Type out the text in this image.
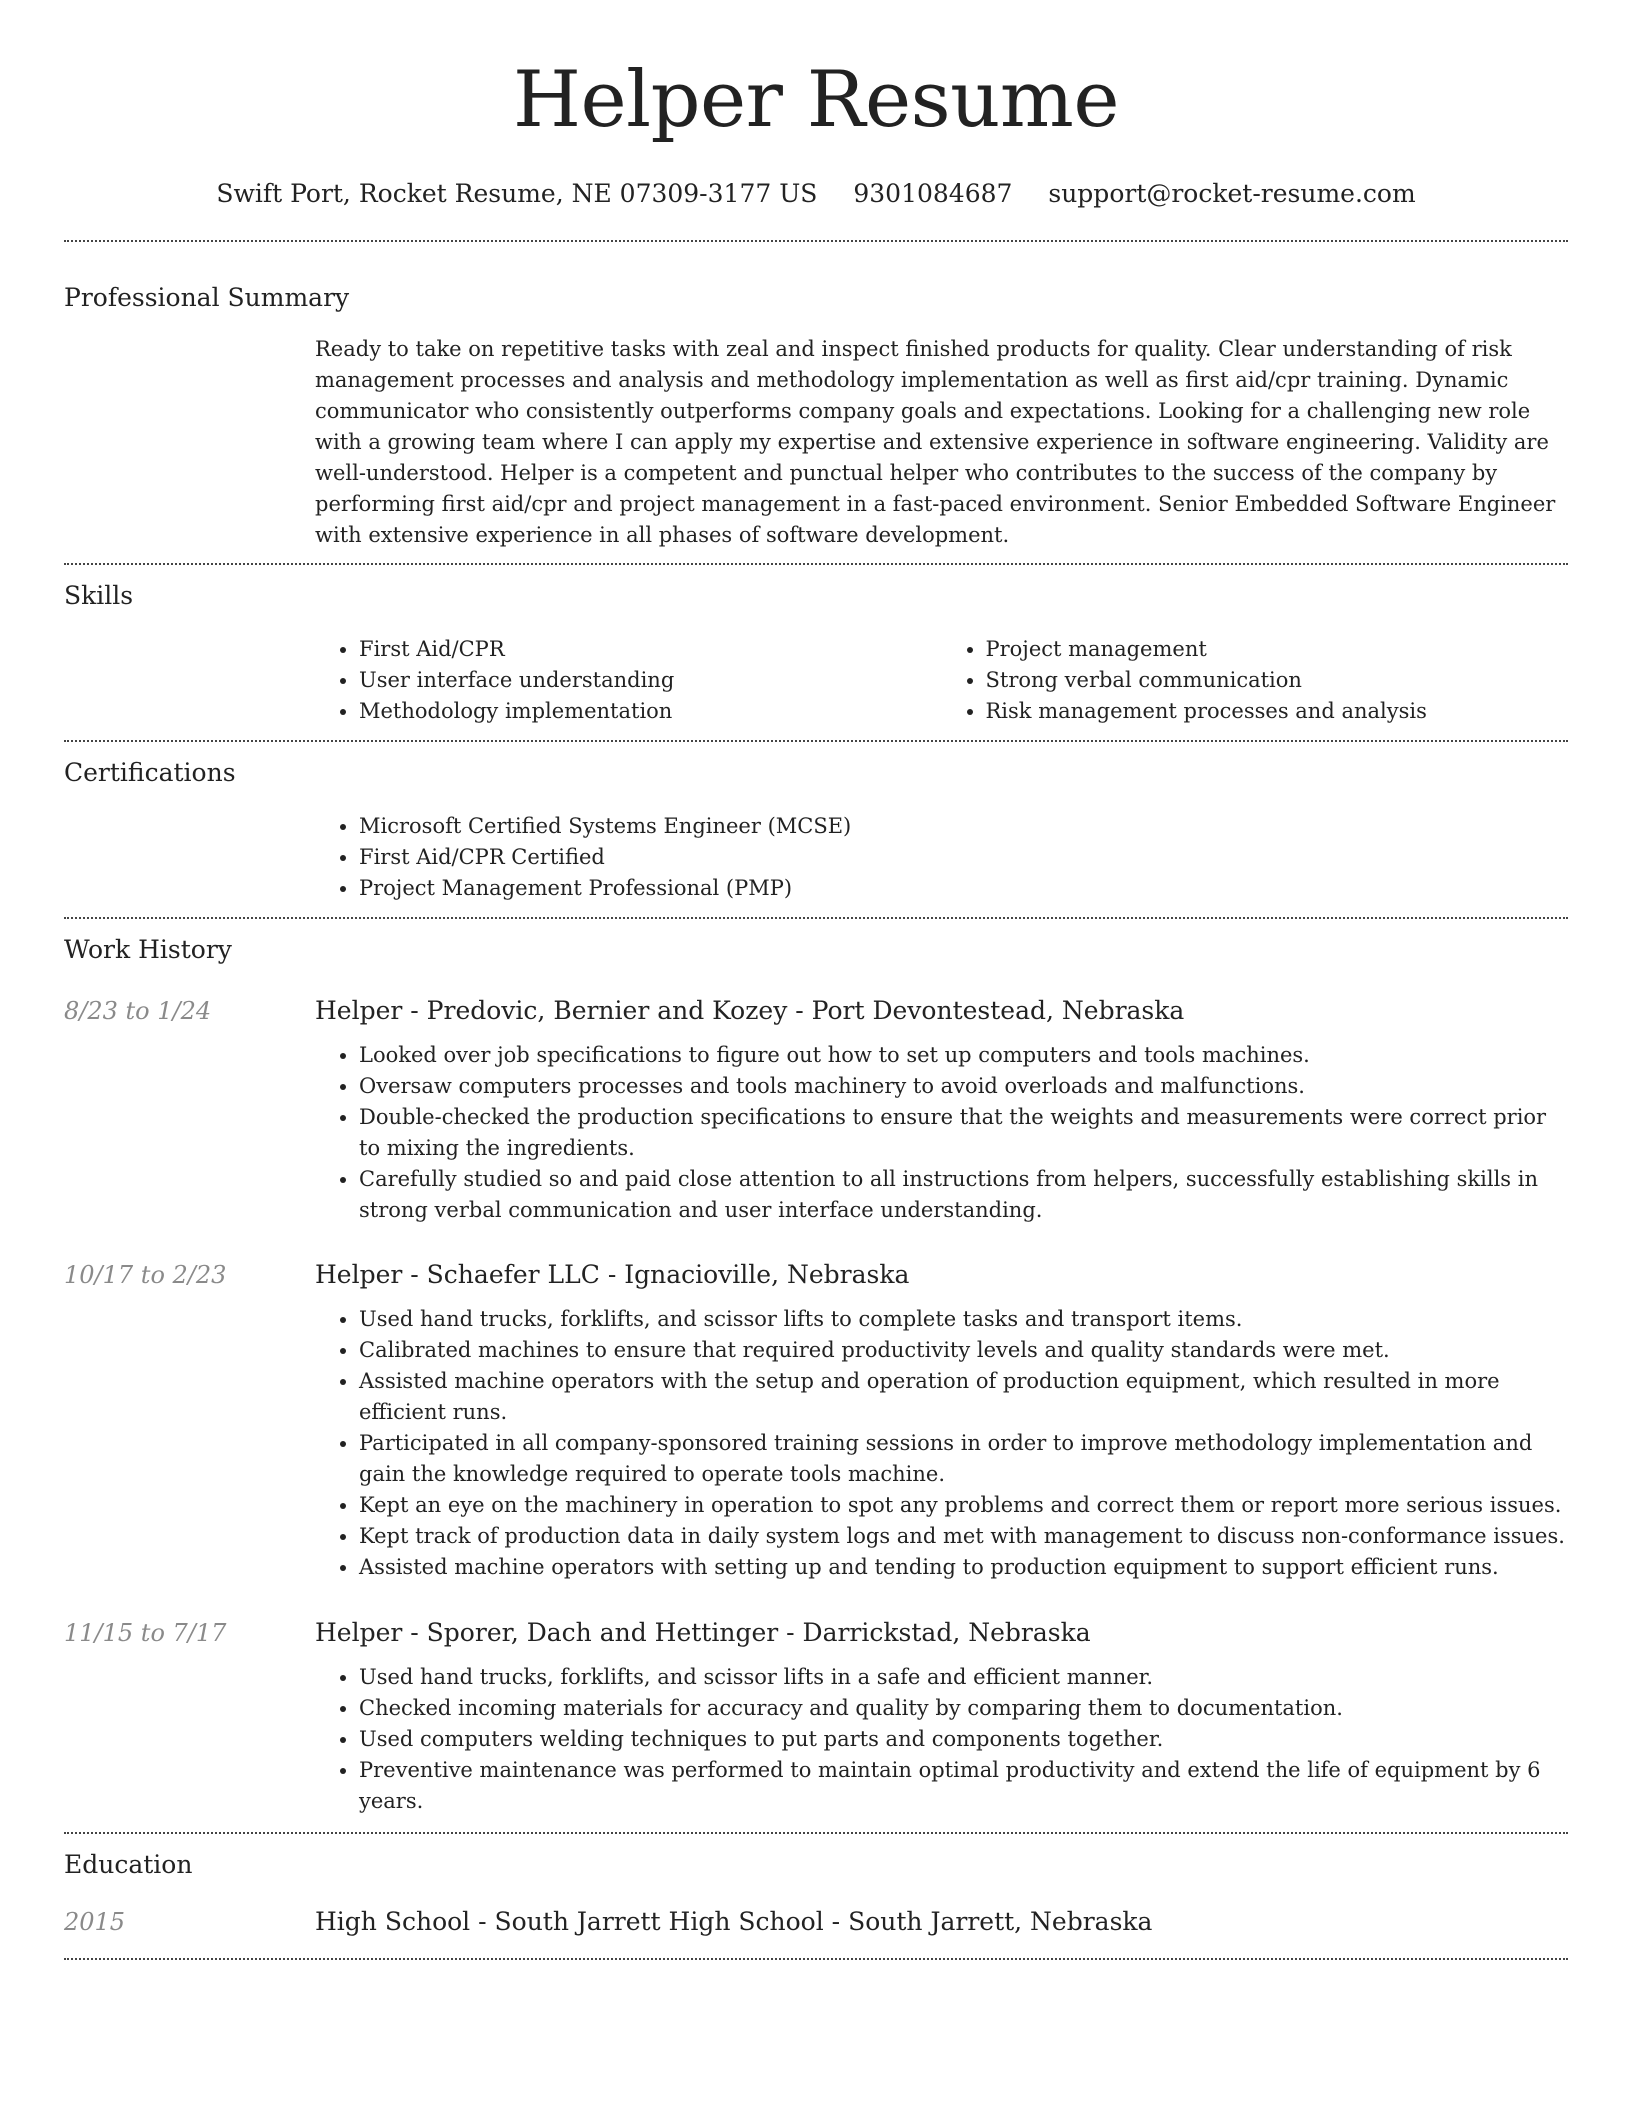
Helper Resume
Swift Port, Rocket Resume, NE 07309-3177 US 9301084687 support@rocket-resume.com
Professional Summary

Ready to take on repetitive tasks with zeal and inspect finished products for quality. Clear understanding of risk management processes and analysis and methodology implementation as well as first aid/cpr training. Dynamic communicator who consistently outperforms company goals and expectations. Looking for a challenging new role with a growing team where I can apply my expertise and extensive experience in software engineering. Validity are well-understood. Helper is a competent and punctual helper who contributes to the success of the company by performing first aid/cpr and project management in a fast-paced environment. Senior Embedded Software Engineer with extensive experience in all phases of software development.

Skills
• First Aid/CPR
• User interface understanding
• Methodology implementation
• Project management
• Strong verbal communication
• Risk management processes and analysis
Certifications
• Microsoft Certified Systems Engineer (MCSE)
• First Aid/CPR Certified
• Project Management Professional (PMP)
Work History
8/23 to 1/24	Helper - Predovic, Bernier and Kozey - Port Devontestead, Nebraska
• Looked over job specifications to figure out how to set up computers and tools machines.
• Oversaw computers processes and tools machinery to avoid overloads and malfunctions.
• Double-checked the production specifications to ensure that the weights and measurements were correct prior to mixing the ingredients.
• Carefully studied so and paid close attention to all instructions from helpers, successfully establishing skills in strong verbal communication and user interface understanding.
10/17 to 2/23	Helper - Schaefer LLC - Ignacioville, Nebraska
• Used hand trucks, forklifts, and scissor lifts to complete tasks and transport items.
• Calibrated machines to ensure that required productivity levels and quality standards were met.
• Assisted machine operators with the setup and operation of production equipment, which resulted in more efficient runs.
• Participated in all company-sponsored training sessions in order to improve methodology implementation and gain the knowledge required to operate tools machine.
• Kept an eye on the machinery in operation to spot any problems and correct them or report more serious issues.
• Kept track of production data in daily system logs and met with management to discuss non-conformance issues.
• Assisted machine operators with setting up and tending to production equipment to support efficient runs.
11/15 to 7/17	Helper - Sporer, Dach and Hettinger - Darrickstad, Nebraska
• Used hand trucks, forklifts, and scissor lifts in a safe and efficient manner.
• Checked incoming materials for accuracy and quality by comparing them to documentation.
• Used computers welding techniques to put parts and components together.
• Preventive maintenance was performed to maintain optimal productivity and extend the life of equipment by 6 years.
Education
2015	High School - South Jarrett High School - South Jarrett, Nebraska
